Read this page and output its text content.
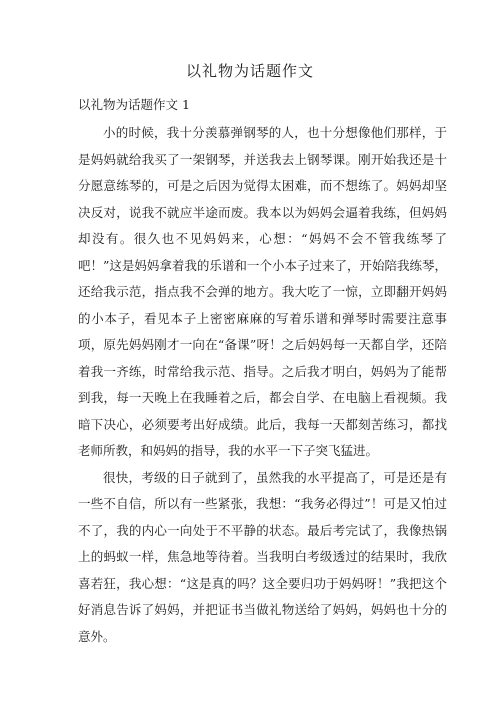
以礼物为话题作文
以礼物为话题作文 1

小的时候，我十分羡慕弹钢琴的人，也十分想像他们那样，于是妈妈就给我买了一架钢琴，并送我去上钢琴课。刚开始我还是十分愿意练琴的，可是之后因为觉得太困难，而不想练了。妈妈却坚决反对，说我不就应半途而废。我本以为妈妈会逼着我练，但妈妈却没有。很久也不见妈妈来，心想：“妈妈不会不管我练琴了吧！”这是妈妈拿着我的乐谱和一个小本子过来了，开始陪我练琴，还给我示范，指点我不会弹的地方。我大吃了一惊，立即翻开妈妈的小本子，看见本子上密密麻麻的写着乐谱和弹琴时需要注意事项，原先妈妈刚才一向在“备课”呀！之后妈妈每一天都自学，还陪着我一齐练，时常给我示范、指导。之后我才明白，妈妈为了能帮到我，每一天晚上在我睡着之后，都会自学、在电脑上看视频。我暗下决心，必须要考出好成绩。此后，我每一天都刻苦练习，都找老师所教，和妈妈的指导，我的水平一下子突飞猛进。

很快，考级的日子就到了，虽然我的水平提高了，可是还是有一些不自信，所以有一些紧张，我想：“我务必得过”！可是又怕过不了，我的内心一向处于不平静的状态。最后考完试了，我像热锅上的蚂蚁一样，焦急地等待着。当我明白考级透过的结果时，我欣喜若狂，我心想：“这是真的吗？这全要归功于妈妈呀！”我把这个好消息告诉了妈妈，并把证书当做礼物送给了妈妈，妈妈也十分的意外。
